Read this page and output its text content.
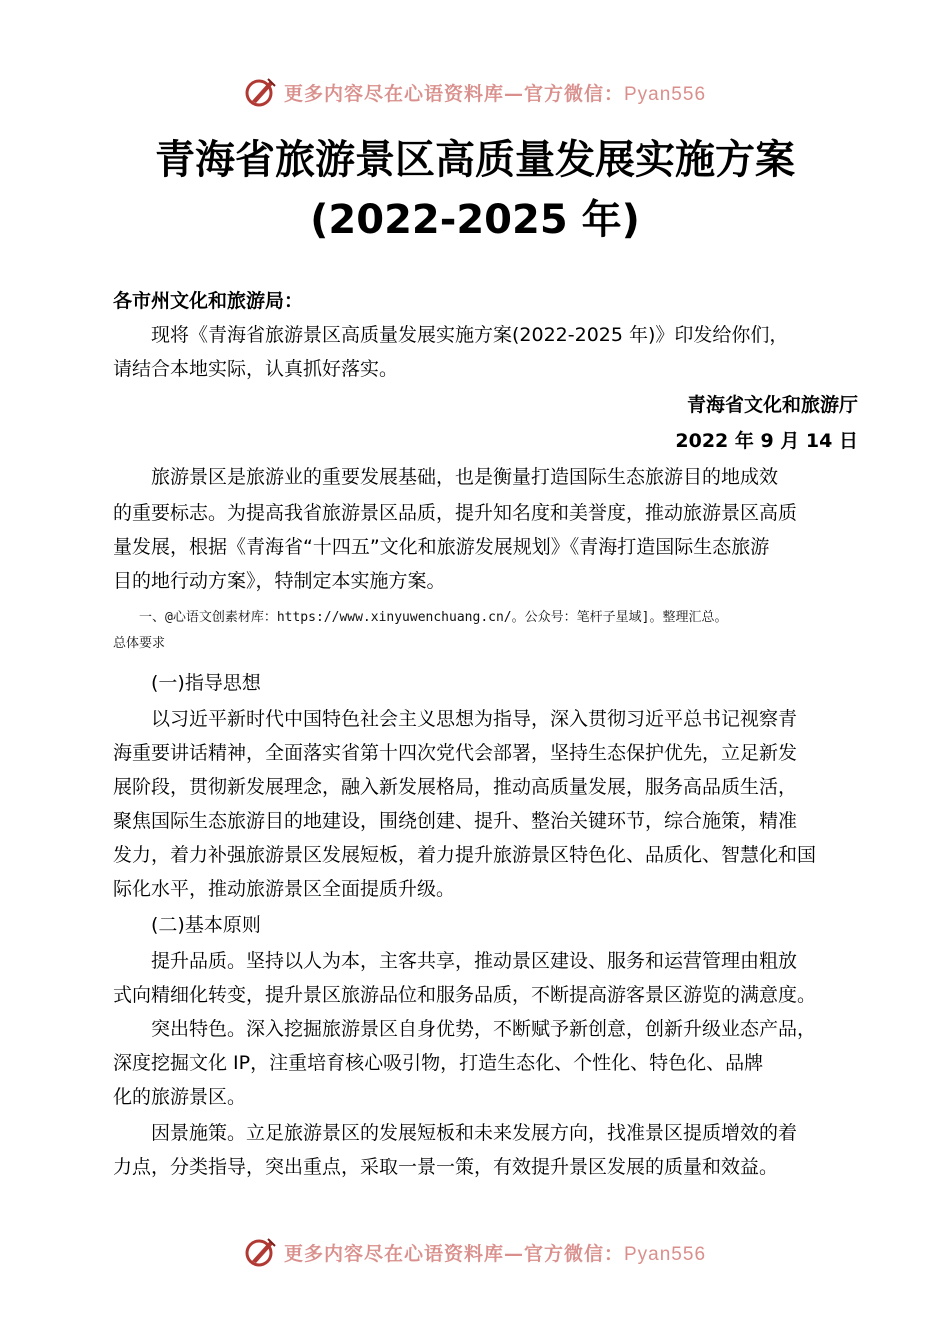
更多内容尽在心语资料库—官方微信：Pyan556
青海省旅游景区高质量发展实施方案
(2022-2025 年)
各市州文化和旅游局：
　　现将《青海省旅游景区高质量发展实施方案(2022-2025 年)》印发给你们，
请结合本地实际，认真抓好落实。
青海省文化和旅游厅
2022 年 9 月 14 日
　　旅游景区是旅游业的重要发展基础，也是衡量打造国际生态旅游目的地成效
的重要标志。为提高我省旅游景区品质，提升知名度和美誉度，推动旅游景区高质
量发展，根据《青海省“十四五”文化和旅游发展规划》《青海打造国际生态旅游
目的地行动方案》，特制定本实施方案。
　　一、@心语文创素材库：https://www.xinyuwenchuang.cn/。公众号：笔杆子星域]。整理汇总。
总体要求
　　(一)指导思想
　　以习近平新时代中国特色社会主义思想为指导，深入贯彻习近平总书记视察青
海重要讲话精神，全面落实省第十四次党代会部署，坚持生态保护优先，立足新发
展阶段，贯彻新发展理念，融入新发展格局，推动高质量发展，服务高品质生活，
聚焦国际生态旅游目的地建设，围绕创建、提升、整治关键环节，综合施策，精准
发力，着力补强旅游景区发展短板，着力提升旅游景区特色化、品质化、智慧化和国
际化水平，推动旅游景区全面提质升级。
　　(二)基本原则
　　提升品质。坚持以人为本，主客共享，推动景区建设、服务和运营管理由粗放
式向精细化转变，提升景区旅游品位和服务品质，不断提高游客景区游览的满意度。
　　突出特色。深入挖掘旅游景区自身优势，不断赋予新创意，创新升级业态产品，
深度挖掘文化 IP，注重培育核心吸引物，打造生态化、个性化、特色化、品牌
化的旅游景区。
　　因景施策。立足旅游景区的发展短板和未来发展方向，找准景区提质增效的着
力点，分类指导，突出重点，采取一景一策，有效提升景区发展的质量和效益。
更多内容尽在心语资料库—官方微信：Pyan556
